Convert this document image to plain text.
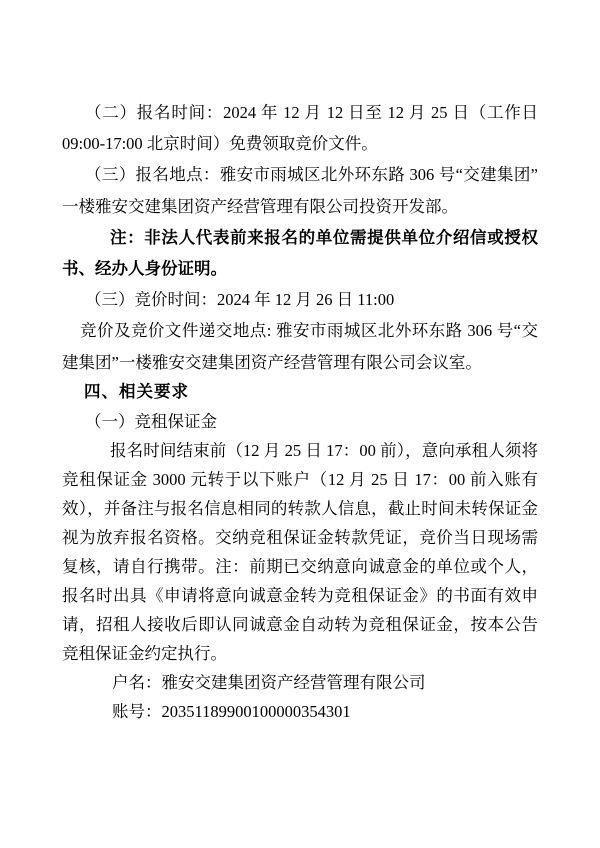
（二）报名时间：2024 年 12 月 12 日至 12 月 25 日（工作日 09:00-17:00 北京时间）免费领取竞价文件。

（三）报名地点：雅安市雨城区北外环东路 306 号“交建集团”一楼雅安交建集团资产经营管理有限公司投资开发部。

注：非法人代表前来报名的单位需提供单位介绍信或授权书、经办人身份证明。

（三）竞价时间：2024 年 12 月 26 日 11:00

竞价及竞价文件递交地点: 雅安市雨城区北外环东路 306 号“交建集团”一楼雅安交建集团资产经营管理有限公司会议室。

四、相关要求

（一）竞租保证金

报名时间结束前（12 月 25 日 17：00 前），意向承租人须将竞租保证金 3000 元转于以下账户（12 月 25 日 17：00 前入账有效），并备注与报名信息相同的转款人信息，截止时间未转保证金视为放弃报名资格。交纳竞租保证金转款凭证，竞价当日现场需复核，请自行携带。注：前期已交纳意向诚意金的单位或个人，报名时出具《申请将意向诚意金转为竞租保证金》的书面有效申请，招租人接收后即认同诚意金自动转为竞租保证金，按本公告竞租保证金约定执行。

户名：雅安交建集团资产经营管理有限公司

账号：20351189900100000354301
